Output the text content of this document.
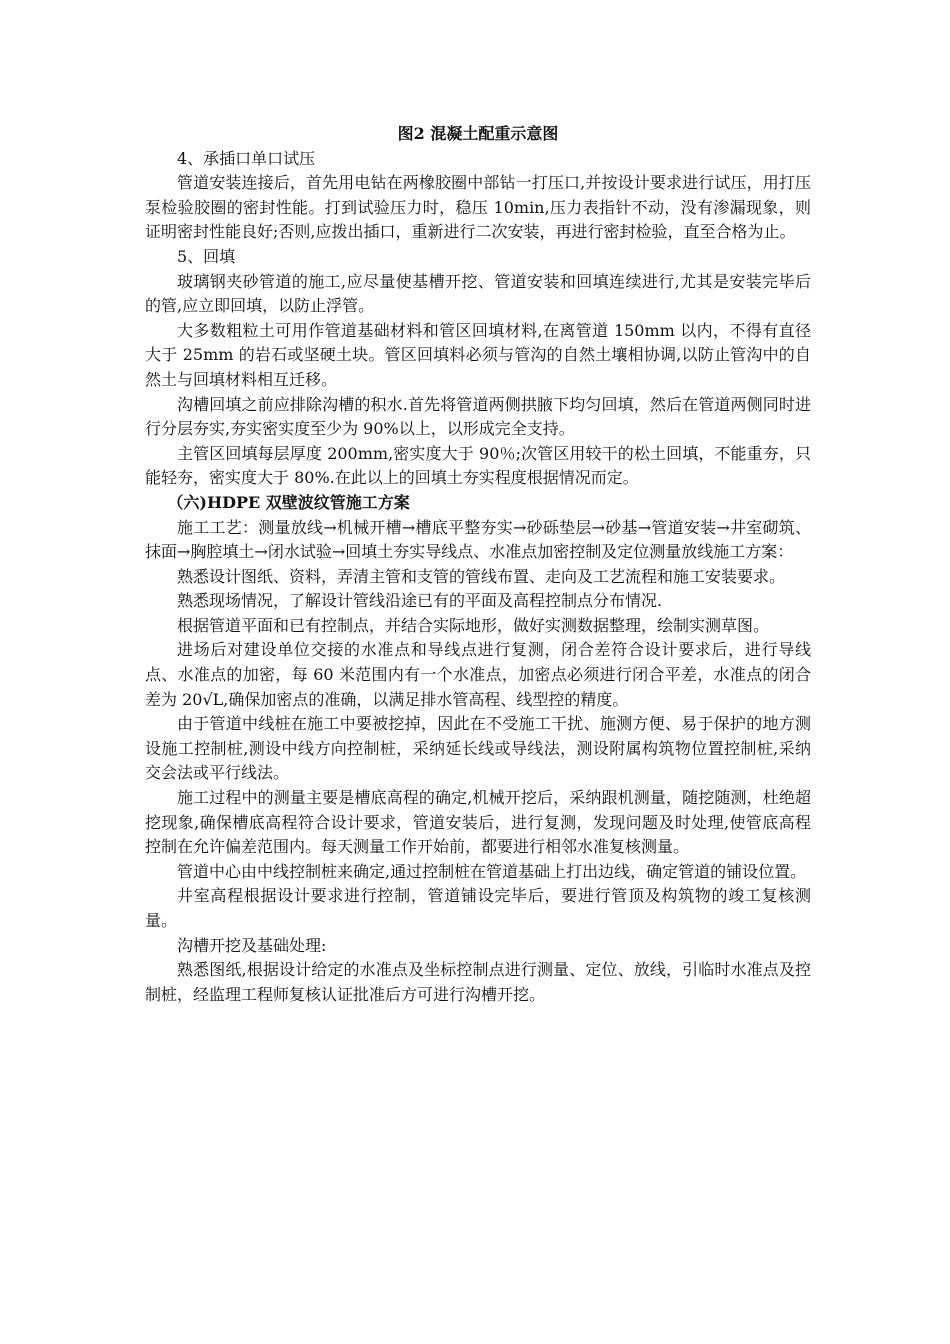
图2 混凝土配重示意图

4、承插口单口试压

管道安装连接后，首先用电钻在两橡胶圈中部钻一打压口,并按设计要求进行试压，用打压泵检验胶圈的密封性能。打到试验压力时，稳压 10min,压力表指针不动，没有渗漏现象，则证明密封性能良好;否则,应拨出插口，重新进行二次安装，再进行密封检验，直至合格为止。

5、回填

玻璃钢夹砂管道的施工,应尽量使基槽开挖、管道安装和回填连续进行,尤其是安装完毕后的管,应立即回填，以防止浮管。

大多数粗粒土可用作管道基础材料和管区回填材料,在离管道 150mm 以内，不得有直径大于 25mm 的岩石或坚硬土块。管区回填料必须与管沟的自然土壤相协调,以防止管沟中的自然土与回填材料相互迁移。

沟槽回填之前应排除沟槽的积水.首先将管道两侧拱腋下均匀回填，然后在管道两侧同时进行分层夯实,夯实密实度至少为 90%以上，以形成完全支持。

主管区回填每层厚度 200mm,密实度大于 90％;次管区用较干的松土回填，不能重夯，只能轻夯，密实度大于 80%.在此以上的回填土夯实程度根据情况而定。

（六)HDPE 双壁波纹管施工方案

施工工艺：测量放线→机械开槽→槽底平整夯实→砂砾垫层→砂基→管道安装→井室砌筑、抹面→胸腔填土→闭水试验→回填土夯实导线点、水准点加密控制及定位测量放线施工方案：

熟悉设计图纸、资料，弄清主管和支管的管线布置、走向及工艺流程和施工安装要求。

熟悉现场情况，了解设计管线沿途已有的平面及高程控制点分布情况.

根据管道平面和已有控制点，并结合实际地形，做好实测数据整理，绘制实测草图。

进场后对建设单位交接的水准点和导线点进行复测，闭合差符合设计要求后，进行导线点、水准点的加密，每 60 米范围内有一个水准点，加密点必须进行闭合平差，水准点的闭合差为 20√L,确保加密点的准确，以满足排水管高程、线型控的精度。

由于管道中线桩在施工中要被挖掉，因此在不受施工干扰、施测方便、易于保护的地方测设施工控制桩,测设中线方向控制桩，采纳延长线或导线法，测设附属构筑物位置控制桩,采纳交会法或平行线法。

施工过程中的测量主要是槽底高程的确定,机械开挖后，采纳跟机测量，随挖随测，杜绝超挖现象,确保槽底高程符合设计要求，管道安装后，进行复测，发现问题及时处理,使管底高程控制在允许偏差范围内。每天测量工作开始前，都要进行相邻水准复核测量。

管道中心由中线控制桩来确定,通过控制桩在管道基础上打出边线，确定管道的铺设位置。

井室高程根据设计要求进行控制，管道铺设完毕后，要进行管顶及构筑物的竣工复核测量。

沟槽开挖及基础处理:

熟悉图纸,根据设计给定的水准点及坐标控制点进行测量、定位、放线，引临时水准点及控制桩，经监理工程师复核认证批准后方可进行沟槽开挖。
